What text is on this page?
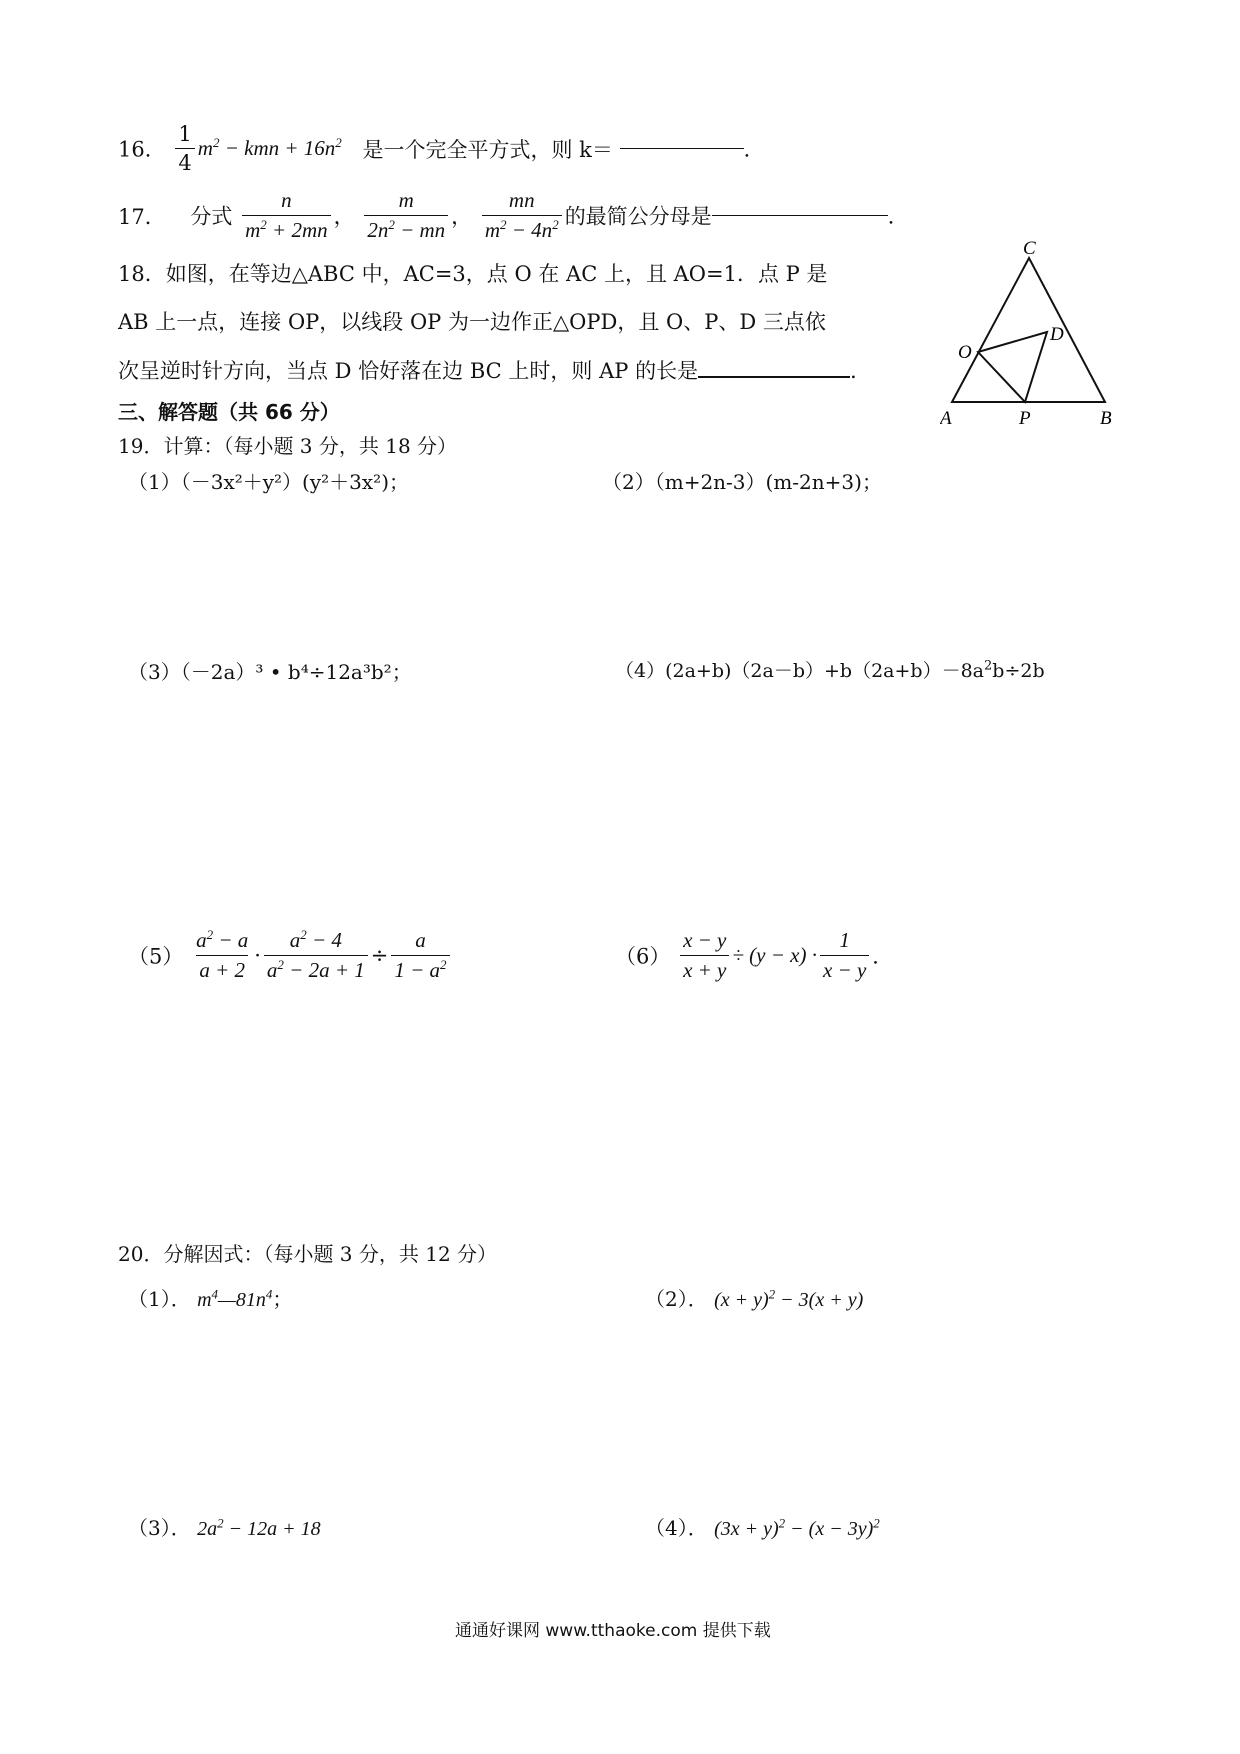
16． $\frac{1}{4} m^2$ − kmn + $16n^2$ 是一个完全平方式，则 k＝	．
17． 分式 $\frac{n}{m^2 + 2mn}$ ， $\frac{m}{2n^2 - mn}$ ， $\frac{mn}{m^2 - 4n^2}$ 的最简公分母是	．
18．如图，在等边△ABC 中，AC=3，点 O 在 AC 上，且 AO=1．点 P 是
AB 上一点，连接 OP，以线段 OP 为一边作正△OPD，且 O、P、D 三点依
次呈逆时针方向，当点 D 恰好落在边 BC 上时，则 AP 的长是	．
C
A	B
P
O
D
三、解答题（共 66 分）
19．计算：（每小题 3 分，共 18 分）
（1）（－3x²＋y²）(y²＋3x²)；	（2）（m+2n-3）(m-2n+3)；
（3）（－2a）³ • b⁴÷12a³b²；	$(4)(2a+b)(2a-b)+b(2a+b)-8a^2b\div 2b$
$(5) \frac{a^2 - a}{a + 2} \cdot \frac{a^2 - 4}{a^2 - 2a + 1} \div \frac{a}{1 - a^2}$	$(6) \frac{x - y}{x + y} \div (y - x) \cdot \frac{1}{x - y}$ ．
20．分解因式：（每小题 3 分，共 12 分）
（1）． $m^4—81n^4$；	（2）． $(x + y)^2 - 3(x + y)$
（3）． $2a^2 - 12a + 18$	（4）． $(3x + y)^2 - (x - 3y)^2$
通通好课网 www.tthaoke.com 提供下载
